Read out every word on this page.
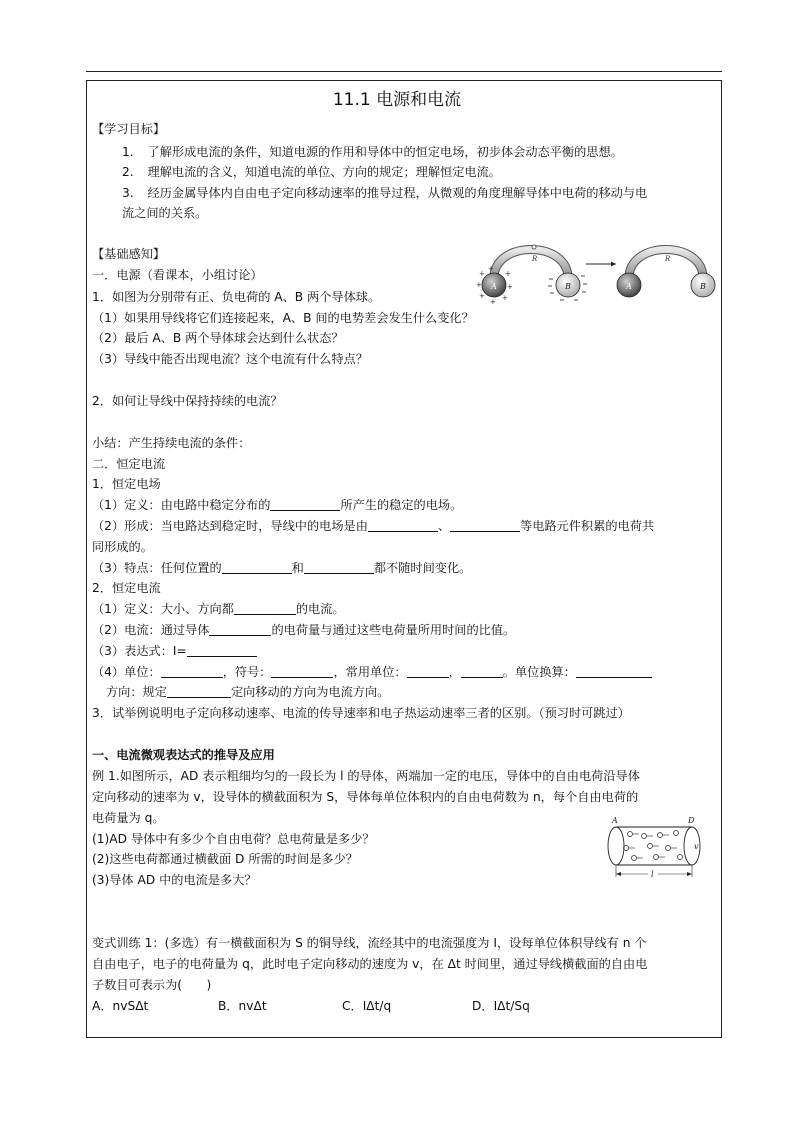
11.1 电源和电流
【学习目标】
1. 了解形成电流的条件，知道电源的作用和导体中的恒定电场，初步体会动态平衡的思想。
2. 理解电流的含义，知道电流的单位、方向的规定；理解恒定电流。
3. 经历金属导体内自由电子定向移动速率的推导过程，从微观的角度理解导体中电荷的移动与电
流之间的关系。
【基础感知】
一．电源（看课本，小组讨论）
1．如图为分别带有正、负电荷的 A、B 两个导体球。
（1）如果用导线将它们连接起来，A、B 间的电势差会发生什么变化？
（2）最后 A、B 两个导体球会达到什么状态？
（3）导线中能否出现电流？这个电流有什么特点？
2．如何让导线中保持持续的电流？
小结：产生持续电流的条件：
二．恒定电流
1．恒定电场
（1）定义：由电路中稳定分布的	所产生的稳定的电场。
（2）形成：当电路达到稳定时，导线中的电场是由	、	等电路元件积累的电荷共
同形成的。
（3）特点：任何位置的	和	都不随时间变化。
2．恒定电流
（1）定义：大小、方向都	的电流。
（2）电流：通过导体	的电荷量与通过这些电荷量所用时间的比值。
（3）表达式：I=
（4）单位：	，符号：	，常用单位：	，	。单位换算：
方向：规定	定向移动的方向为电流方向。
3．试举例说明电子定向移动速率、电流的传导速率和电子热运动速率三者的区别。（预习时可跳过）
一、电流微观表达式的推导及应用
例 1.如图所示，AD 表示粗细均匀的一段长为 l 的导体，两端加一定的电压，导体中的自由电荷沿导体
定向移动的速率为 v，设导体的横截面积为 S，导体每单位体积内的自由电荷数为 n，每个自由电荷的
电荷量为 q。
(1)AD 导体中有多少个自由电荷？总电荷量是多少？
(2)这些电荷都通过横截面 D 所需的时间是多少？
(3)导体 AD 中的电流是多大？
变式训练 1：(多选）有一横截面积为 S 的铜导线，流经其中的电流强度为 I，设每单位体积导线有 n 个
自由电子，电子的电荷量为 q，此时电子定向移动的速度为 v，在 Δt 时间里，通过导线横截面的自由电
子数目可表示为(　　)
A．nvSΔt	B．nvΔt	C．IΔt/q	D．IΔt/Sq
R
A
+
+
+
+ +
+
+
+
B
R
A	B
A	D
v
l
